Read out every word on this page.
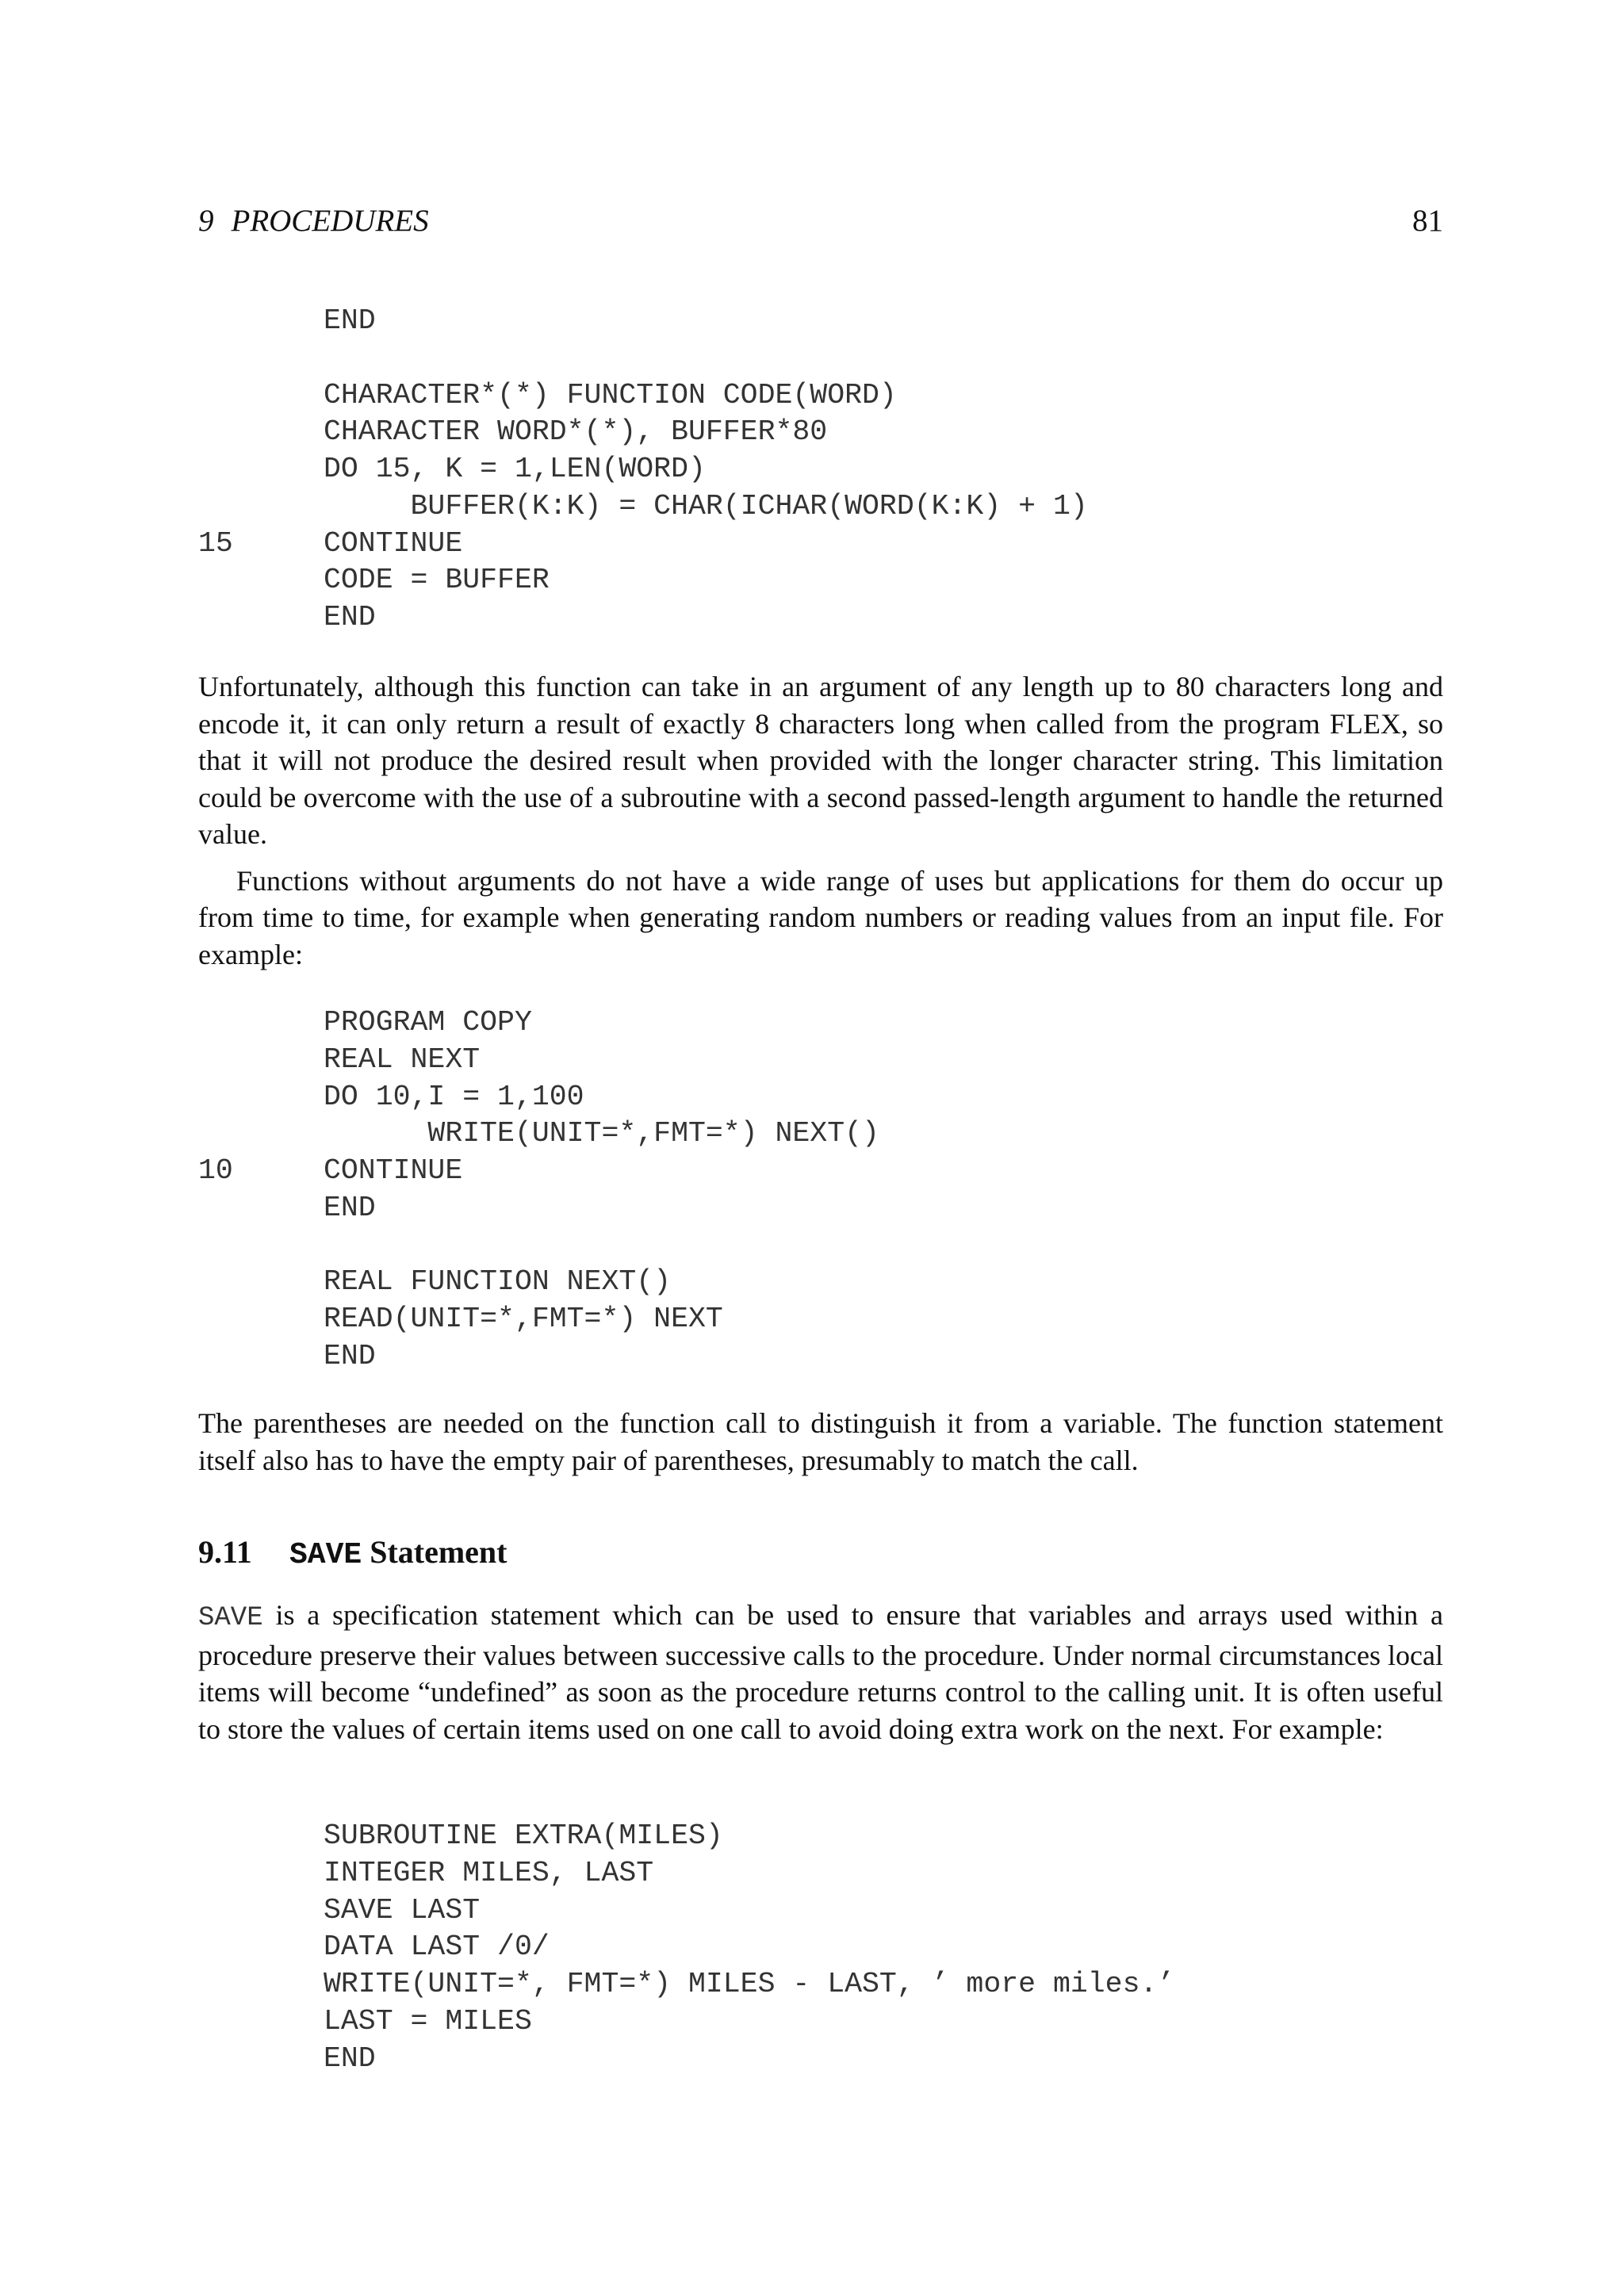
9 PROCEDURES	81
END
CHARACTER*(*) FUNCTION CODE(WORD)
CHARACTER WORD*(*), BUFFER*80
DO 15, K = 1,LEN(WORD)
BUFFER(K:K) = CHAR(ICHAR(WORD(K:K) + 1)
15	CONTINUE
CODE = BUFFER
END

Unfortunately, although this function can take in an argument of any length up to 80 characters long and encode it, it can only return a result of exactly 8 characters long when called from the program FLEX, so that it will not produce the desired result when provided with the longer character string. This limitation could be overcome with the use of a subroutine with a second passed-length argument to handle the returned value.

Functions without arguments do not have a wide range of uses but applications for them do occur up from time to time, for example when generating random numbers or reading values from an input file. For example:

PROGRAM COPY
REAL NEXT
DO 10,I = 1,100
WRITE(UNIT=*,FMT=*) NEXT()
10	CONTINUE
END
REAL FUNCTION NEXT()
READ(UNIT=*,FMT=*) NEXT
END

The parentheses are needed on the function call to distinguish it from a variable. The function statement itself also has to have the empty pair of parentheses, presumably to match the call.

9.11 SAVE Statement

SAVE is a specification statement which can be used to ensure that variables and arrays used within a procedure preserve their values between successive calls to the procedure. Under normal circumstances local items will become “undefined” as soon as the procedure returns control to the calling unit. It is often useful to store the values of certain items used on one call to avoid doing extra work on the next. For example:

SUBROUTINE EXTRA(MILES)
INTEGER MILES, LAST
SAVE LAST
DATA LAST /0/
WRITE(UNIT=*, FMT=*) MILES - LAST, ’ more miles.’
LAST = MILES
END
